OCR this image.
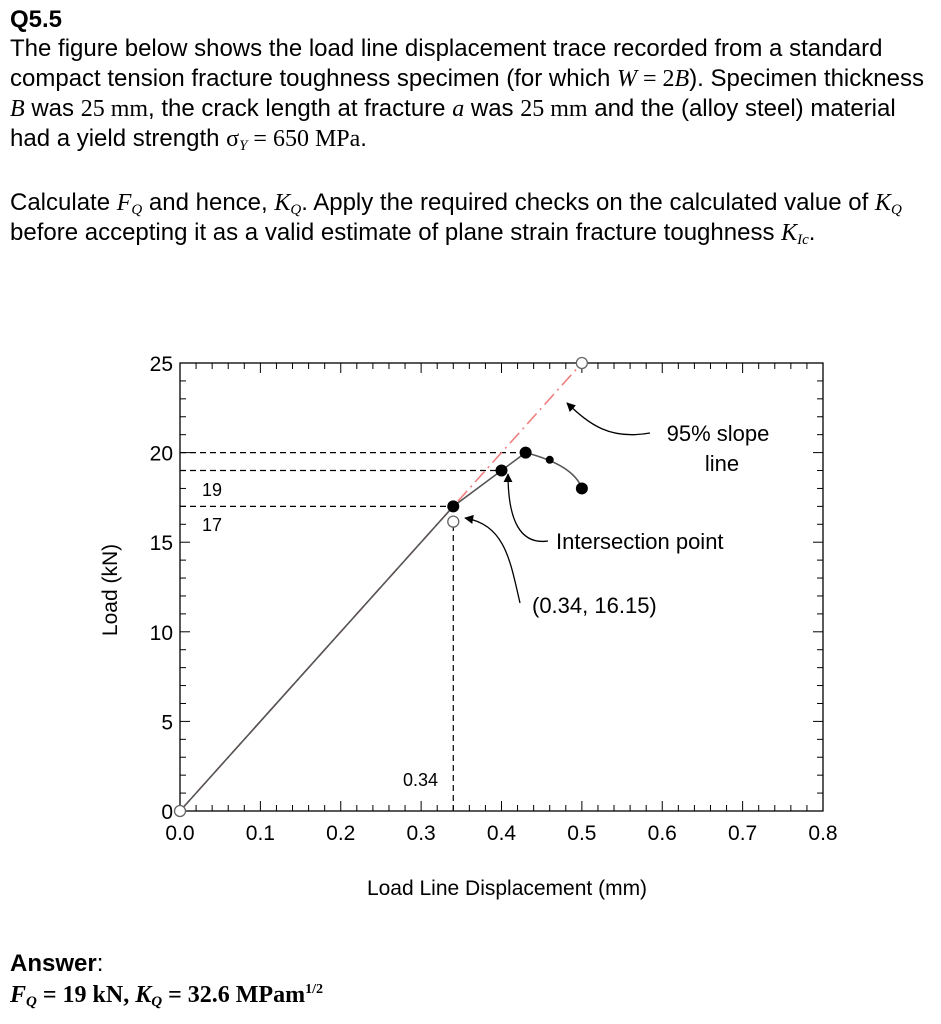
Q5.5
The figure below shows the load line displacement trace recorded from a standard compact tension fracture toughness specimen (for which W = 2B). Specimen thickness B was 25 mm, the crack length at fracture a was 25 mm and the (alloy steel) material had a yield strength $\sigma_Y = 650$ MPa.
Calculate $F_Q$ and hence, $K_Q$. Apply the required checks on the calculated value of $K_Q$ before accepting it as a valid estimate of plane strain fracture toughness $K_{Ic}$.
0.0 0.1 0.2 0.3 0.4 0.5 0.6 0.7 0.8
0
5
10
15
20
25
Load Line Displacement (mm)
Load (kN)
19
17
0.34
95% slope
line
Intersection point
(0.34, 16.15)
Answer:
$F_Q = 19$ kN, $K_Q = 32.6$ MPam$^{1/2}$
